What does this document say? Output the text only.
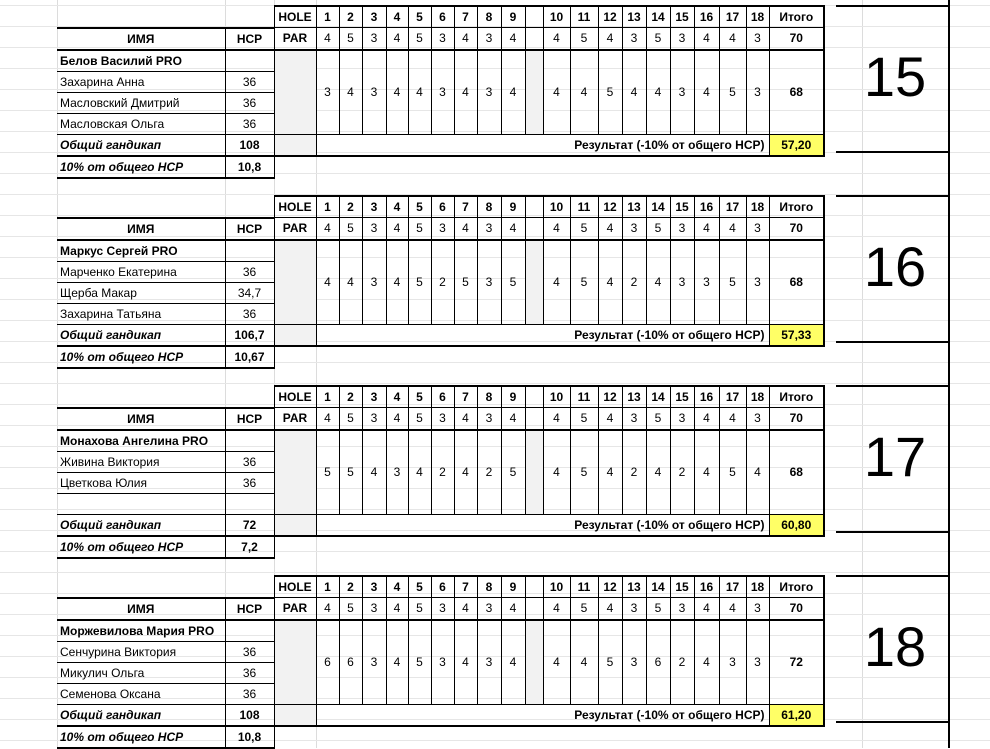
		HOLE	1	2	3	4	5	6	7	8	9		10	11	12	13	14	15	16	17	18	Итого
ИМЯ	HCP	PAR	4	5	3	4	5	3	4	3	4		4	5	4	3	5	3	4	4	3	70
Белов Василий PRO			3	4	3	4	4	3	4	3	4		4	4	5	4	4	3	4	5	3	68
Захарина Анна	36																					
Масловский Дмитрий	36																					
Масловская Ольга	36																					
Общий гандикап	108		Результат (-10% от общего HCP)																			57,20
10% от общего HCP	10,8																					
15
		HOLE	1	2	3	4	5	6	7	8	9		10	11	12	13	14	15	16	17	18	Итого
ИМЯ	HCP	PAR	4	5	3	4	5	3	4	3	4		4	5	4	3	5	3	4	4	3	70
Маркус Сергей PRO			4	4	3	4	5	2	5	3	5		4	5	4	2	4	3	3	5	3	68
Марченко Екатерина	36																					
Щерба Макар	34,7																					
Захарина Татьяна	36																					
Общий гандикап	106,7		Результат (-10% от общего HCP)																			57,33
10% от общего HCP	10,67																					
16
		HOLE	1	2	3	4	5	6	7	8	9		10	11	12	13	14	15	16	17	18	Итого
ИМЯ	HCP	PAR	4	5	3	4	5	3	4	3	4		4	5	4	3	5	3	4	4	3	70
Монахова Ангелина PRO			5	5	4	3	4	2	4	2	5		4	5	4	2	4	2	4	5	4	68
Живина Виктория	36																					
Цветкова Юлия	36																					

Общий гандикап	72		Результат (-10% от общего HCP)																			60,80
10% от общего HCP	7,2																					
17
		HOLE	1	2	3	4	5	6	7	8	9		10	11	12	13	14	15	16	17	18	Итого
ИМЯ	HCP	PAR	4	5	3	4	5	3	4	3	4		4	5	4	3	5	3	4	4	3	70
Моржевилова Мария PRO			6	6	3	4	5	3	4	3	4		4	4	5	3	6	2	4	3	3	72
Сенчурина Виктория	36																					
Микулич Ольга	36																					
Семенова Оксана	36																					
Общий гандикап	108		Результат (-10% от общего HCP)																			61,20
10% от общего HCP	10,8																					
18
